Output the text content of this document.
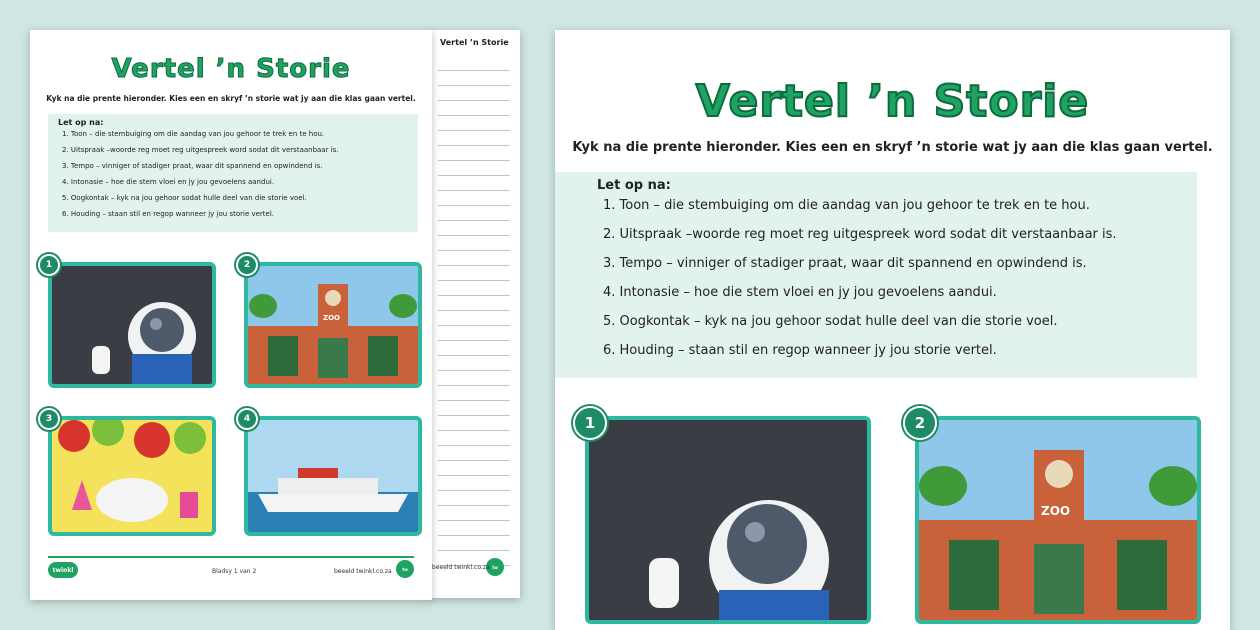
Vertel ’n Storie
tw
beeeld twinkl.co.za
Vertel ’n Storie
Kyk na die prente hieronder. Kies een en skryf ’n storie wat jy aan die klas gaan vertel.
Let op na:
1. Toon – die stembuiging om die aandag van jou gehoor te trek en te hou.
2. Uitspraak –woorde reg moet reg uitgespreek word sodat dit verstaanbaar is.
3. Tempo – vinniger of stadiger praat, waar dit spannend en opwindend is.
4. Intonasie – hoe die stem vloei en jy jou gevoelens aandui.
5. Oogkontak – kyk na jou gehoor sodat hulle deel van die storie voel.
6. Houding – staan stil en regop wanneer jy jou storie vertel.
1
ZOO
2
3	4
twinkl	Bladsy 1 van 2	beeeld twinkl.co.za	tw
Vertel ’n Storie
Kyk na die prente hieronder. Kies een en skryf ’n storie wat jy aan die klas gaan vertel.
Let op na:
1. Toon – die stembuiging om die aandag van jou gehoor te trek en te hou.
2. Uitspraak –woorde reg moet reg uitgespreek word sodat dit verstaanbaar is.
3. Tempo – vinniger of stadiger praat, waar dit spannend en opwindend is.
4. Intonasie – hoe die stem vloei en jy jou gevoelens aandui.
5. Oogkontak – kyk na jou gehoor sodat hulle deel van die storie voel.
6. Houding – staan stil en regop wanneer jy jou storie vertel.
1
ZOO
2
